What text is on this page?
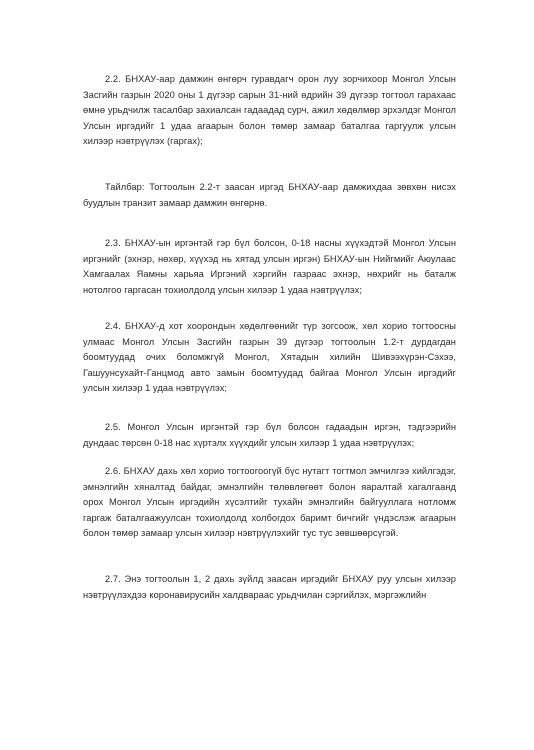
2.2. БНХАУ-аар дамжин өнгөрч гуравдагч орон луу зорчихоор Монгол Улсын Засгийн газрын 2020 оны 1 дүгээр сарын 31-ний өдрийн 39 дүгээр тогтоол гарахаас өмнө урьдчилж тасалбар захиалсан гадаадад сурч, ажил хөдөлмөр эрхэлдэг Монгол Улсын иргэдийг 1 удаа агаарын болон төмөр замаар баталгаа гаргуулж улсын хилээр нэвтрүүлэх (гаргах);

Тайлбар: Тогтоолын 2.2-т заасан иргэд БНХАУ-аар дамжихдаа зөвхөн нисэх буудлын транзит замаар дамжин өнгөрнө.

2.3. БНХАУ-ын иргэнтэй гэр бүл болсон, 0-18 насны хүүхэдтэй Монгол Улсын иргэнийг (эхнэр, нөхөр, хүүхэд нь хятад улсын иргэн) БНХАУ-ын Нийгмийг Аюулаас Хамгаалах Яамны харьяа Иргэний хэргийн газраас эхнэр, нөхрийг нь баталж нотолгоо гаргасан тохиолдолд улсын хилээр 1 удаа нэвтрүүлэх;

2.4. БНХАУ-д хот хоорондын хөдөлгөөнийг түр зогсоож, хөл хорио тогтоосны улмаас Монгол Улсын Засгийн газрын 39 дүгээр тогтоолын 1.2-т дурдагдан боомтуудад очих боломжгүй Монгол, Хятадын хилийн Шивээхүрэн-Сэхээ, Гашуунсухайт-Ганцмод авто замын боомтуудад байгаа Монгол Улсын иргэдийг улсын хилээр 1 удаа нэвтрүүлэх;

2.5. Монгол Улсын иргэнтэй гэр бүл болсон гадаадын иргэн, тэдгээрийн дундаас төрсөн 0-18 нас хүртэлх хүүхдийг улсын хилээр 1 удаа нэвтрүүлэх;

2.6. БНХАУ дахь хөл хорио тогтоогоогүй бүс нутагт тогтмол эмчилгээ хийлгэдэг, эмнэлгийн хяналтад байдаг, эмнэлгийн төлөвлөгөөт болон яаралтай хагалгаанд орох Монгол Улсын иргэдийн хүсэлтийг тухайн эмнэлгийн байгууллага нотломж гаргаж баталгаажуулсан тохиолдолд холбогдох баримт бичгийг үндэслэж агаарын болон төмөр замаар улсын хилээр нэвтрүүлэхийг тус тус зөвшөөрсүгэй.

2.7. Энэ тогтоолын 1, 2 дахь зүйлд заасан иргэдийг БНХАУ руу улсын хилээр нэвтрүүлэхдээ коронавирусийн халдвараас урьдчилан сэргийлэх, мэргэжлийн
